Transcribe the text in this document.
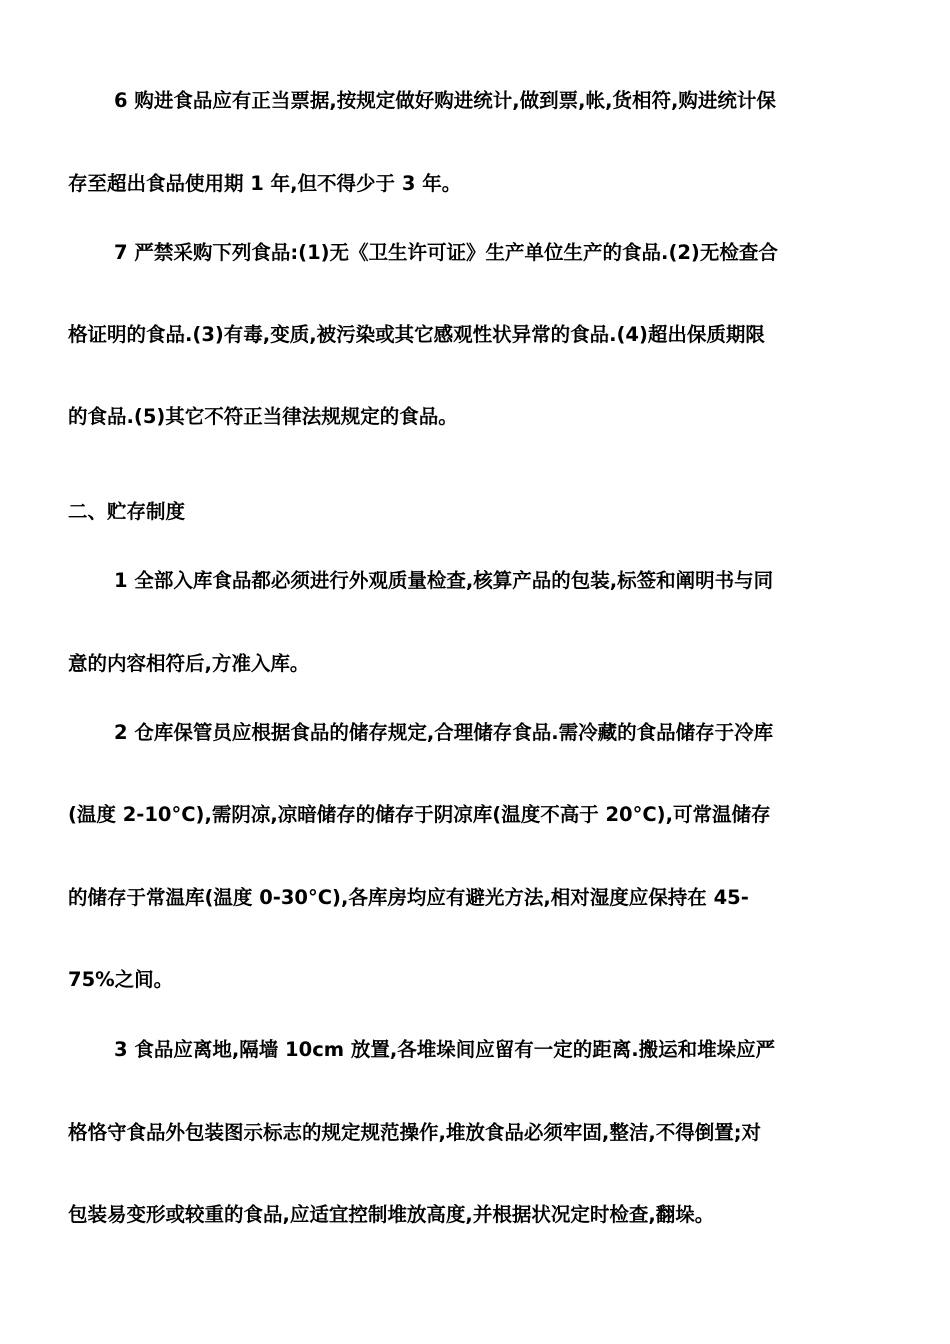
6 购进食品应有正当票据,按规定做好购进统计,做到票,帐,货相符,购进统计保
存至超出食品使用期 1 年,但不得少于 3 年。
7 严禁采购下列食品:(1)无《卫生许可证》生产单位生产的食品.(2)无检查合
格证明的食品.(3)有毒,变质,被污染或其它感观性状异常的食品.(4)超出保质期限
的食品.(5)其它不符正当律法规规定的食品。
二、贮存制度
1 全部入库食品都必须进行外观质量检查,核算产品的包装,标签和阐明书与同
意的内容相符后,方准入库。
2 仓库保管员应根据食品的储存规定,合理储存食品.需冷藏的食品储存于冷库
(温度 2-10°C),需阴凉,凉暗储存的储存于阴凉库(温度不高于 20°C),可常温储存
的储存于常温库(温度 0-30°C),各库房均应有避光方法,相对湿度应保持在 45-
75%之间。
3 食品应离地,隔墙 10cm 放置,各堆垛间应留有一定的距离.搬运和堆垛应严
格恪守食品外包装图示标志的规定规范操作,堆放食品必须牢固,整洁,不得倒置;对
包装易变形或较重的食品,应适宜控制堆放高度,并根据状况定时检查,翻垛。
